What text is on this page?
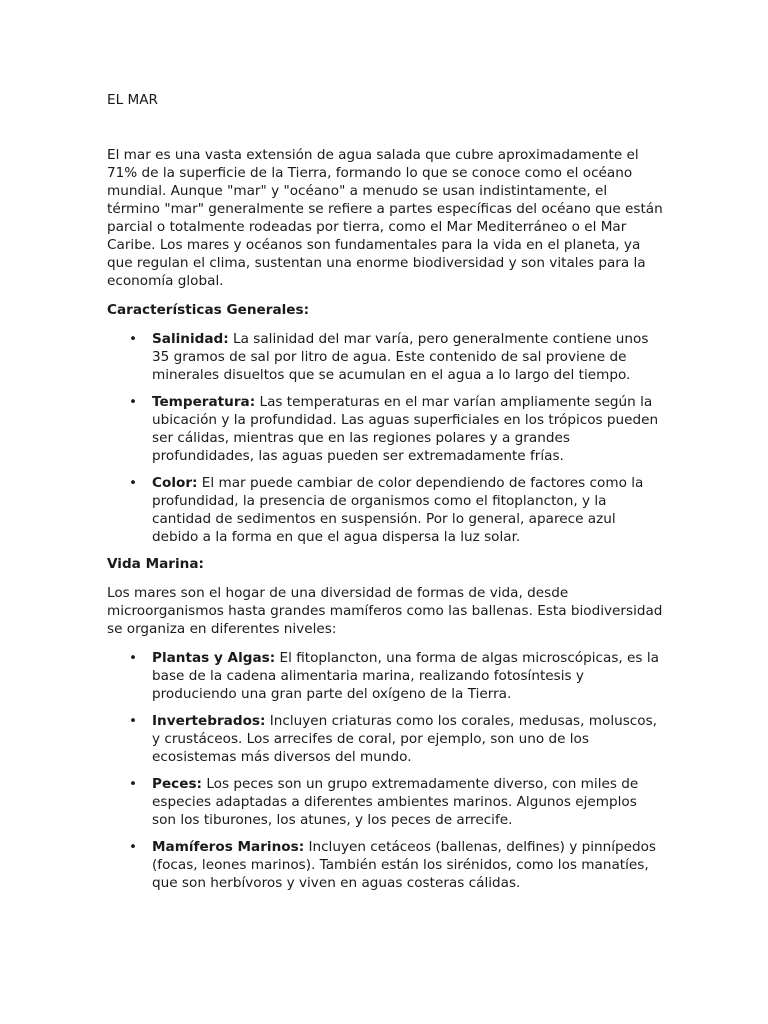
EL MAR

El mar es una vasta extensión de agua salada que cubre aproximadamente el 71% de la superficie de la Tierra, formando lo que se conoce como el océano mundial. Aunque "mar" y "océano" a menudo se usan indistintamente, el término "mar" generalmente se refiere a partes específicas del océano que están parcial o totalmente rodeadas por tierra, como el Mar Mediterráneo o el Mar Caribe. Los mares y océanos son fundamentales para la vida en el planeta, ya que regulan el clima, sustentan una enorme biodiversidad y son vitales para la economía global.

Características Generales:
• Salinidad: La salinidad del mar varía, pero generalmente contiene unos 35 gramos de sal por litro de agua. Este contenido de sal proviene de minerales disueltos que se acumulan en el agua a lo largo del tiempo.
• Temperatura: Las temperaturas en el mar varían ampliamente según la ubicación y la profundidad. Las aguas superficiales en los trópicos pueden ser cálidas, mientras que en las regiones polares y a grandes profundidades, las aguas pueden ser extremadamente frías.
• Color: El mar puede cambiar de color dependiendo de factores como la profundidad, la presencia de organismos como el fitoplancton, y la cantidad de sedimentos en suspensión. Por lo general, aparece azul debido a la forma en que el agua dispersa la luz solar.
Vida Marina:

Los mares son el hogar de una diversidad de formas de vida, desde microorganismos hasta grandes mamíferos como las ballenas. Esta biodiversidad se organiza en diferentes niveles:

• Plantas y Algas: El fitoplancton, una forma de algas microscópicas, es la base de la cadena alimentaria marina, realizando fotosíntesis y produciendo una gran parte del oxígeno de la Tierra.
• Invertebrados: Incluyen criaturas como los corales, medusas, moluscos, y crustáceos. Los arrecifes de coral, por ejemplo, son uno de los ecosistemas más diversos del mundo.
• Peces: Los peces son un grupo extremadamente diverso, con miles de especies adaptadas a diferentes ambientes marinos. Algunos ejemplos son los tiburones, los atunes, y los peces de arrecife.
• Mamíferos Marinos: Incluyen cetáceos (ballenas, delfines) y pinnípedos (focas, leones marinos). También están los sirénidos, como los manatíes, que son herbívoros y viven en aguas costeras cálidas.
